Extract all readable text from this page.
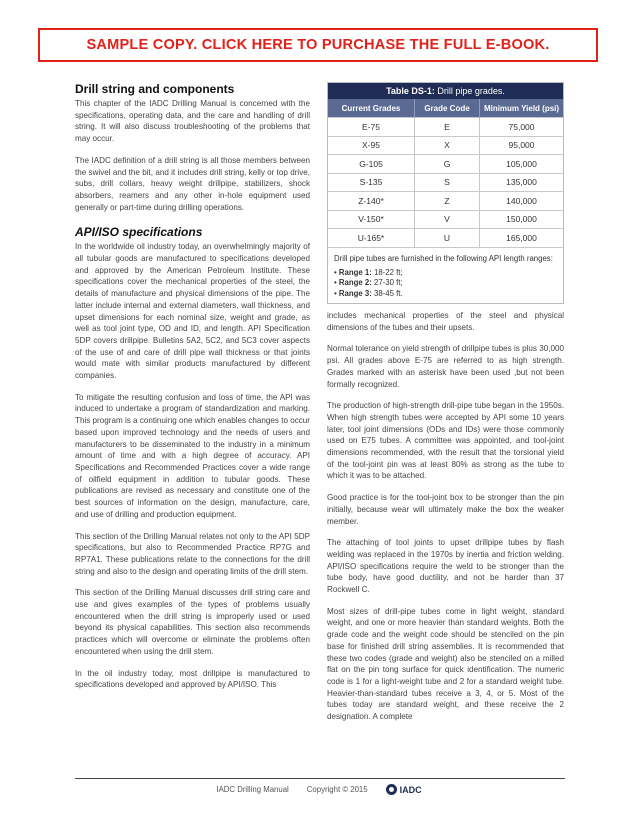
SAMPLE COPY. CLICK HERE TO PURCHASE THE FULL E-BOOK.
Drill string and components

This chapter of the IADC Drilling Manual is concerned with the specifications, operating data, and the care and handling of drill string. It will also discuss troubleshooting of the problems that may occur.

The IADC definition of a drill string is all those members between the swivel and the bit, and it includes drill string, kelly or top drive, subs, drill collars, heavy weight drillpipe, stabilizers, shock absorbers, reamers and any other in-hole equipment used generally or part-time during drilling operations.

API/ISO specifications

In the worldwide oil industry today, an overwhelmingly majority of all tubular goods are manufactured to specifications developed and approved by the American Petroleum Institute. These specifications cover the mechanical properties of the steel, the details of manufacture and physical dimensions of the pipe. The latter include internal and external diameters, wall thickness, and upset dimensions for each nominal size, weight and grade, as well as tool joint type, OD and ID, and length. API Specification 5DP covers drillpipe. Bulletins 5A2, 5C2, and 5C3 cover aspects of the use of and care of drill pipe wall thickness or that joints would mate with similar products manufactured by different companies.

To mitigate the resulting confusion and loss of time, the API was induced to undertake a program of standardization and marking. This program is a continuing one which enables changes to occur based upon improved technology and the needs of users and manufacturers to be disseminated to the industry in a minimum amount of time and with a high degree of accuracy. API Specifications and Recommended Practices cover a wide range of oilfield equipment in addition to tubular goods. These publications are revised as necessary and constitute one of the best sources of information on the design, manufacture, care, and use of drilling and production equipment.

This section of the Drilling Manual relates not only to the API 5DP specifications, but also to Recommended Practice RP7G and RP7A1. These publications relate to the connections for the drill string and also to the design and operating limits of the drill stem.

This section of the Drilling Manual discusses drill string care and use and gives examples of the types of problems usually encountered when the drill string is improperly used or used beyond its physical capabilities. This section also recommends practices which will overcome or eliminate the problems often encountered when using the drill stem.

In the oil industry today, most drillpipe is manufactured to specifications developed and approved by API/ISO. This

Table DS-1: Drill pipe grades.
Current Grades	Grade Code	Minimum Yield (psi)
E-75	E	75,000
X-95	X	95,000
G-105	G	105,000
S-135	S	135,000
Z-140*	Z	140,000
V-150*	V	150,000
U-165*	U	165,000
Drill pipe tubes are furnished in the following API length ranges:
• Range 1: 18-22 ft;
• Range 2: 27-30 ft;
• Range 3: 38-45 ft.

includes mechanical properties of the steel and physical dimensions of the tubes and their upsets.

Normal tolerance on yield strength of drillpipe tubes is plus 30,000 psi. All grades above E-75 are referred to as high strength. Grades marked with an asterisk have been used ,but not been formally recognized.

The production of high-strength drill-pipe tube began in the 1950s. When high strength tubes were accepted by API some 10 years later, tool joint dimensions (ODs and IDs) were those commonly used on E75 tubes. A committee was appointed, and tool-joint dimensions recommended, with the result that the torsional yield of the tool-joint pin was at least 80% as strong as the tube to which it was to be attached.

Good practice is for the tool-joint box to be stronger than the pin initially, because wear will ultimately make the box the weaker member.

The attaching of tool joints to upset drillpipe tubes by flash welding was replaced in the 1970s by inertia and friction welding. API/ISO specifications require the weld to be stronger than the tube body, have good ductility, and not be harder than 37 Rockwell C.

Most sizes of drill-pipe tubes come in light weight, standard weight, and one or more heavier than standard weights. Both the grade code and the weight code should be stenciled on the pin base for finished drill string assemblies. It is recommended that these two codes (grade and weight) also be stenciled on a milled flat on the pin tong surface for quick identification. The numeric code is 1 for a light-weight tube and 2 for a standard weight tube. Heavier-than-standard tubes receive a 3, 4, or 5. Most of the tubes today are standard weight, and these receive the 2 designation. A complete

IADC Drilling Manual Copyright © 2015	IADC
